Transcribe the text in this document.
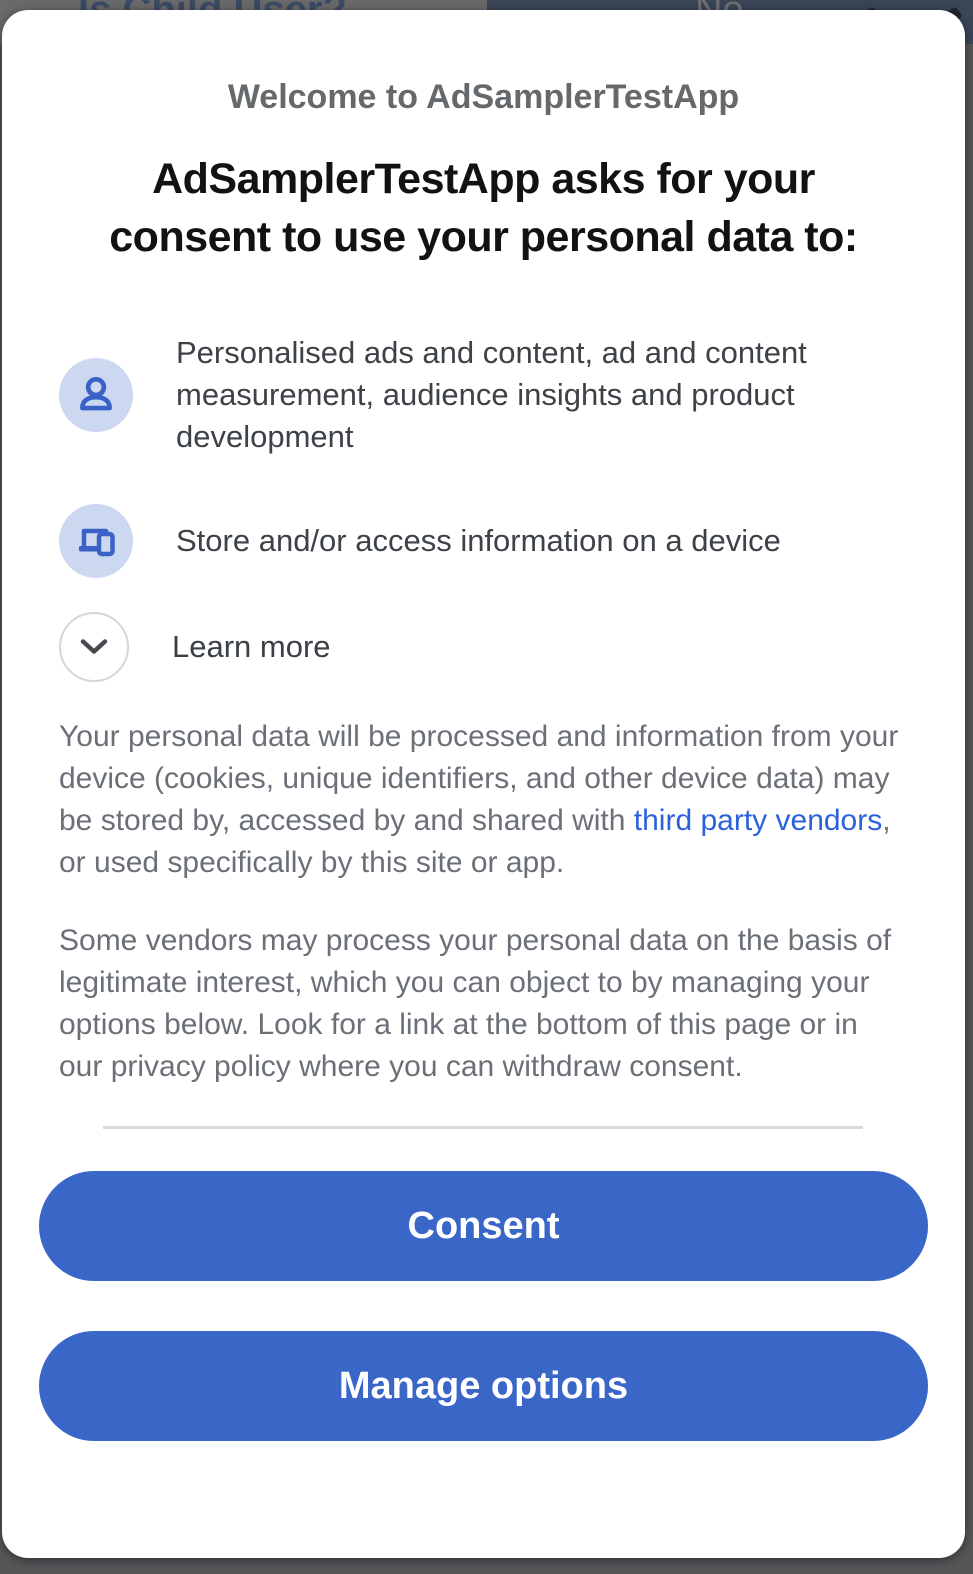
Welcome to AdSamplerTestApp
AdSamplerTestApp asks for your consent to use your personal data to:
Personalised ads and content, ad and content measurement, audience insights and product development
Store and/or access information on a device
Learn more
Your personal data will be processed and information from your device (cookies, unique identifiers, and other device data) may be stored by, accessed by and shared with third party vendors, or used specifically by this site or app.
Some vendors may process your personal data on the basis of legitimate interest, which you can object to by managing your options below. Look for a link at the bottom of this page or in our privacy policy where you can withdraw consent.
Consent
Manage options
